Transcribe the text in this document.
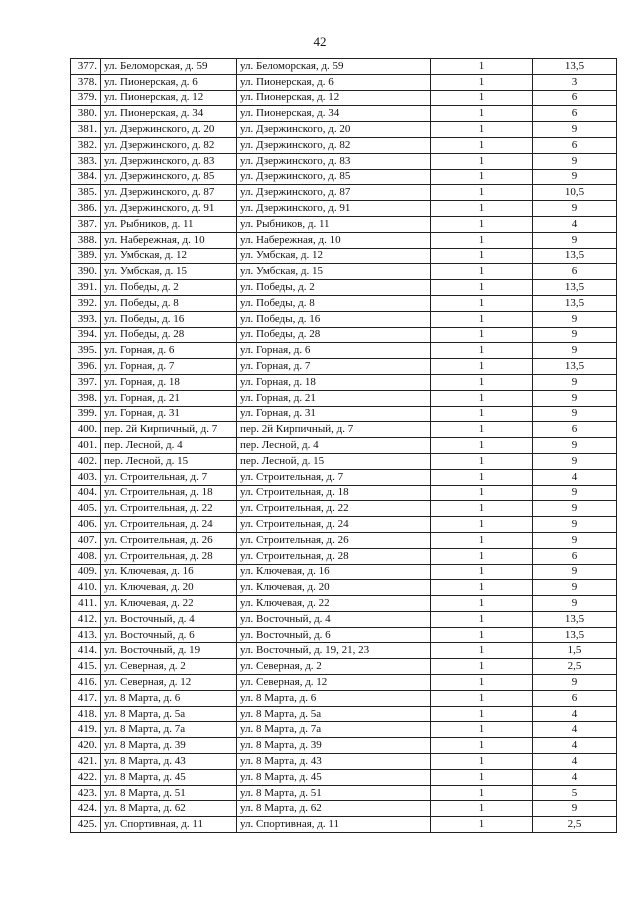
42
377.	ул. Беломорская, д. 59	ул. Беломорская, д. 59	1	13,5
378.	ул. Пионерская, д. 6	ул. Пионерская, д. 6	1	3
379.	ул. Пионерская, д. 12	ул. Пионерская, д. 12	1	6
380.	ул. Пионерская, д. 34	ул. Пионерская, д. 34	1	6
381.	ул. Дзержинского, д. 20	ул. Дзержинского, д. 20	1	9
382.	ул. Дзержинского, д. 82	ул. Дзержинского, д. 82	1	6
383.	ул. Дзержинского, д. 83	ул. Дзержинского, д. 83	1	9
384.	ул. Дзержинского, д. 85	ул. Дзержинского, д. 85	1	9
385.	ул. Дзержинского, д. 87	ул. Дзержинского, д. 87	1	10,5
386.	ул. Дзержинского, д. 91	ул. Дзержинского, д. 91	1	9
387.	ул. Рыбников, д. 11	ул. Рыбников, д. 11	1	4
388.	ул. Набережная, д. 10	ул. Набережная, д. 10	1	9
389.	ул. Умбская, д. 12	ул. Умбская, д. 12	1	13,5
390.	ул. Умбская, д. 15	ул. Умбская, д. 15	1	6
391.	ул. Победы, д. 2	ул. Победы, д. 2	1	13,5
392.	ул. Победы, д. 8	ул. Победы, д. 8	1	13,5
393.	ул. Победы, д. 16	ул. Победы, д. 16	1	9
394.	ул. Победы, д. 28	ул. Победы, д. 28	1	9
395.	ул. Горная, д. 6	ул. Горная, д. 6	1	9
396.	ул. Горная, д. 7	ул. Горная, д. 7	1	13,5
397.	ул. Горная, д. 18	ул. Горная, д. 18	1	9
398.	ул. Горная, д. 21	ул. Горная, д. 21	1	9
399.	ул. Горная, д. 31	ул. Горная, д. 31	1	9
400.	пер. 2й Кирпичный, д. 7	пер. 2й Кирпичный, д. 7	1	6
401.	пер. Лесной, д. 4	пер. Лесной, д. 4	1	9
402.	пер. Лесной, д. 15	пер. Лесной, д. 15	1	9
403.	ул. Строительная, д. 7	ул. Строительная, д. 7	1	4
404.	ул. Строительная, д. 18	ул. Строительная, д. 18	1	9
405.	ул. Строительная, д. 22	ул. Строительная, д. 22	1	9
406.	ул. Строительная, д. 24	ул. Строительная, д. 24	1	9
407.	ул. Строительная, д. 26	ул. Строительная, д. 26	1	9
408.	ул. Строительная, д. 28	ул. Строительная, д. 28	1	6
409.	ул. Ключевая, д. 16	ул. Ключевая, д. 16	1	9
410.	ул. Ключевая, д. 20	ул. Ключевая, д. 20	1	9
411.	ул. Ключевая, д. 22	ул. Ключевая, д. 22	1	9
412.	ул. Восточный, д. 4	ул. Восточный, д. 4	1	13,5
413.	ул. Восточный, д. 6	ул. Восточный, д. 6	1	13,5
414.	ул. Восточный, д. 19	ул. Восточный, д. 19, 21, 23	1	1,5
415.	ул. Северная, д. 2	ул. Северная, д. 2	1	2,5
416.	ул. Северная, д. 12	ул. Северная, д. 12	1	9
417.	ул. 8 Марта, д. 6	ул. 8 Марта, д. 6	1	6
418.	ул. 8 Марта, д. 5а	ул. 8 Марта, д. 5а	1	4
419.	ул. 8 Марта, д. 7а	ул. 8 Марта, д. 7а	1	4
420.	ул. 8 Марта, д. 39	ул. 8 Марта, д. 39	1	4
421.	ул. 8 Марта, д. 43	ул. 8 Марта, д. 43	1	4
422.	ул. 8 Марта, д. 45	ул. 8 Марта, д. 45	1	4
423.	ул. 8 Марта, д. 51	ул. 8 Марта, д. 51	1	5
424.	ул. 8 Марта, д. 62	ул. 8 Марта, д. 62	1	9
425.	ул. Спортивная, д. 11	ул. Спортивная, д. 11	1	2,5
